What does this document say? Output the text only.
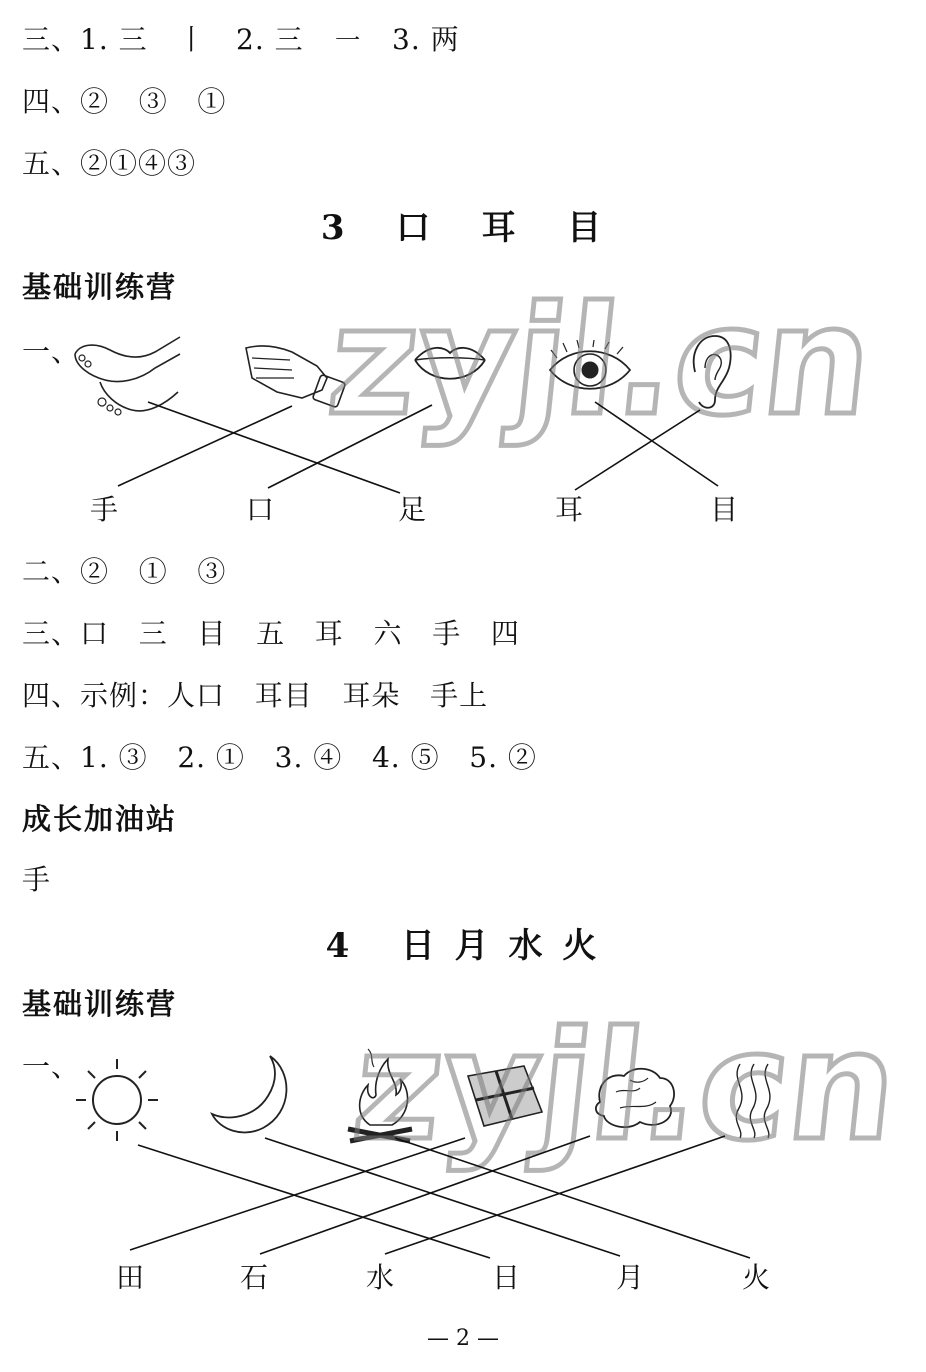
三、1. 三   丨   2. 三   ㇐   3. 两
四、②   ③   ①
五、②①④③
3   口   耳   目
基础训练营
一、 zyjl.cn
手	口	足	耳	目
二、②   ①   ③
三、口   三   目   五   耳   六   手   四
四、示例：人口   耳目   耳朵   手上
五、1. ③   2. ①   3. ④   4. ⑤   5. ②
成长加油站
手
4   日 月 水 火
基础训练营
一、 zyjl.cn
田	石	水	日	月	火
— 2 —
